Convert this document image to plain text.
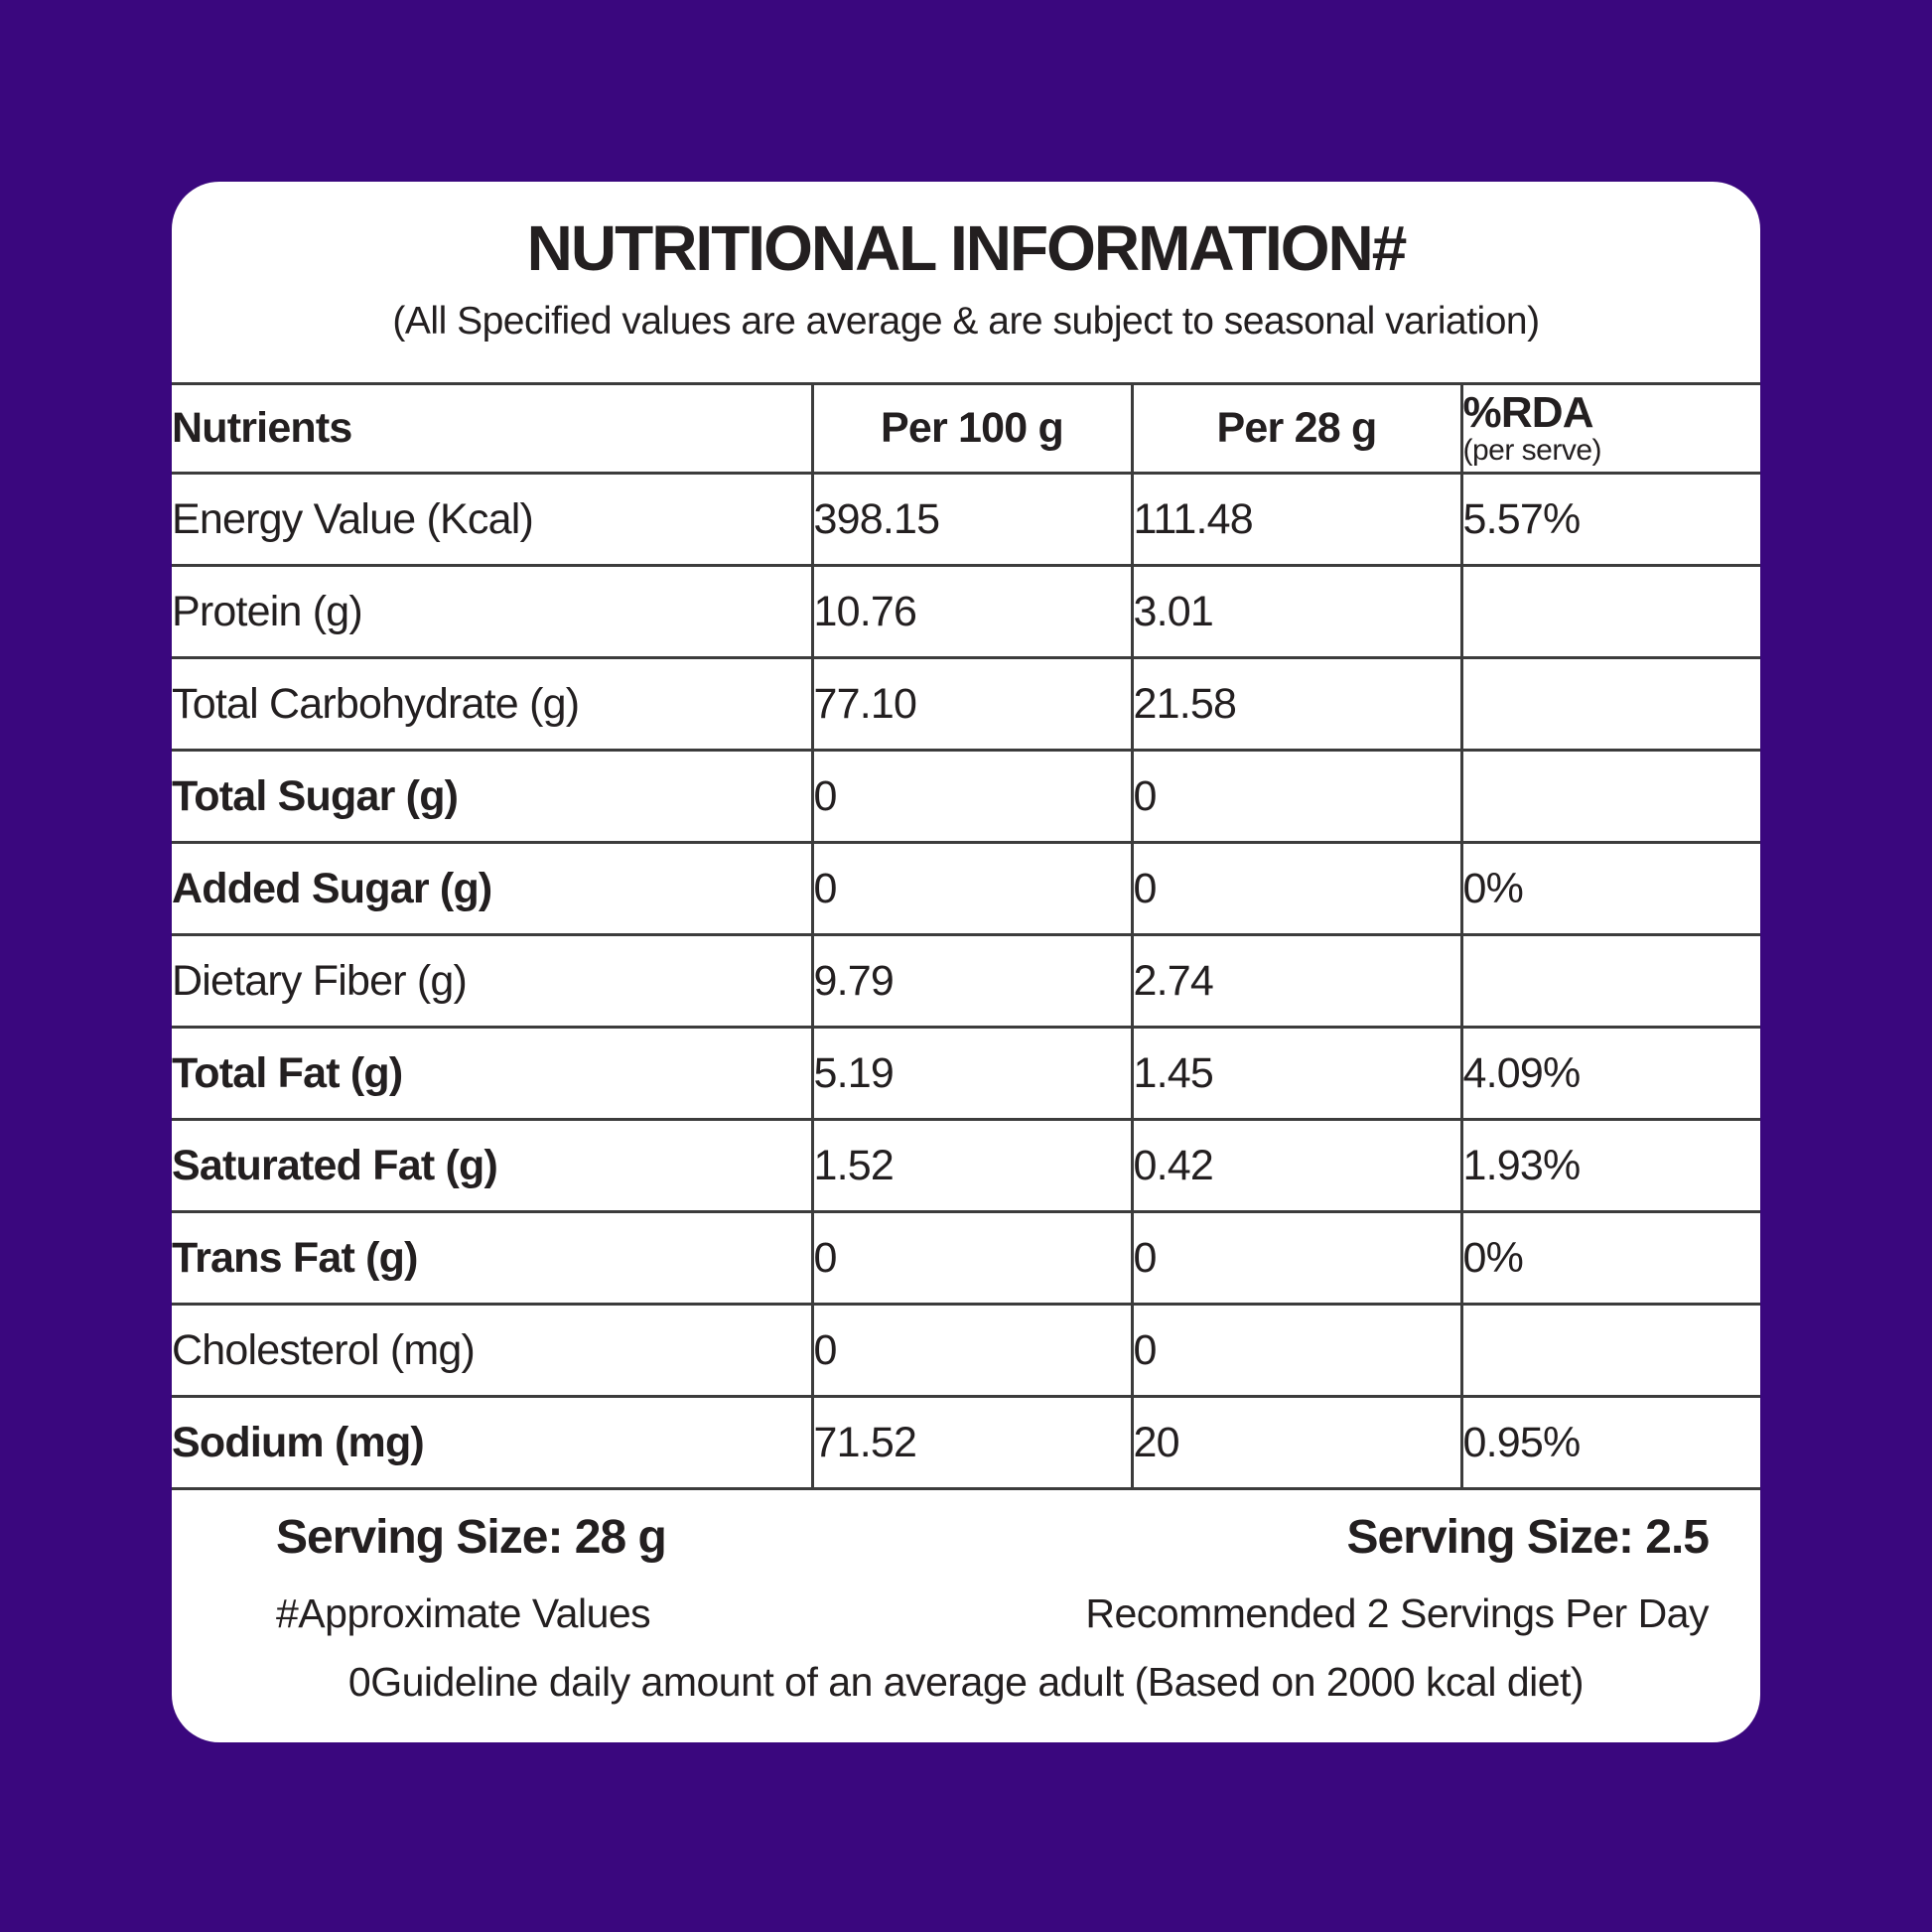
NUTRITIONAL INFORMATION#
(All Specified values are average & are subject to seasonal variation)
Nutrients	Per 100 g	Per 28 g	%RDA
(per serve)

Energy Value (Kcal)	398.15	111.48	5.57%
Protein (g)	10.76	3.01	
Total Carbohydrate (g)	77.10	21.58	
Total Sugar (g)	0	0	
Added Sugar (g)	0	0	0%
Dietary Fiber (g)	9.79	2.74	
Total Fat (g)	5.19	1.45	4.09%
Saturated Fat (g)	1.52	0.42	1.93%
Trans Fat (g)	0	0	0%
Cholesterol (mg)	0	0	
Sodium (mg)	71.52	20	0.95%
Serving Size: 28 g	Serving Size: 2.5
#Approximate Values	Recommended 2 Servings Per Day
0Guideline daily amount of an average adult (Based on 2000 kcal diet)
